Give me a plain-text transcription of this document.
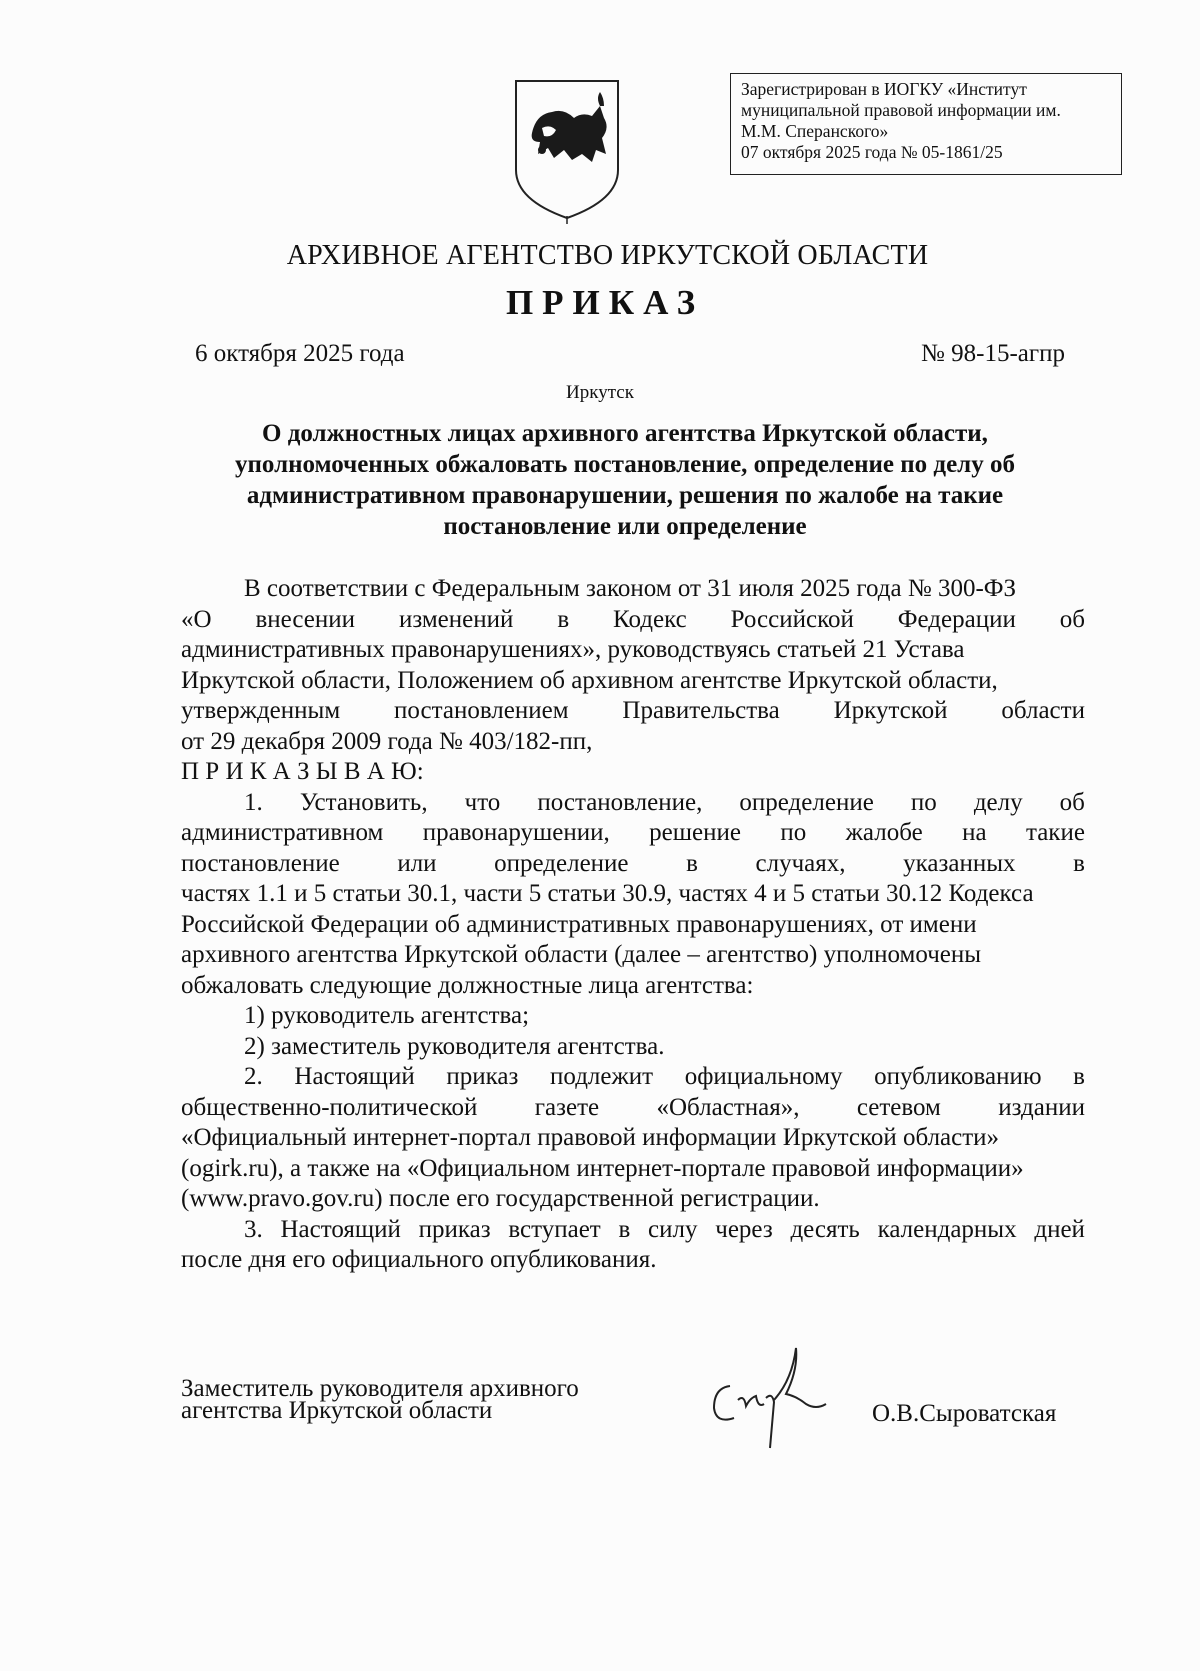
Зарегистрирован в ИОГКУ «Институт
муниципальной правовой информации им.
М.М. Сперанского»
07 октября 2025 года № 05-1861/25
АРХИВНОЕ АГЕНТСТВО ИРКУТСКОЙ ОБЛАСТИ
ПРИКАЗ
6 октября 2025 года	№ 98-15-агпр
Иркутск
О должностных лицах архивного агентства Иркутской области,
уполномоченных обжаловать постановление, определение по делу об
административном правонарушении, решения по жалобе на такие
постановление или определение
В соответствии с Федеральным законом от 31 июля 2025 года № 300-ФЗ
«О внесении изменений в Кодекс Российской Федерации об
административных правонарушениях», руководствуясь статьей 21 Устава
Иркутской области, Положением об архивном агентстве Иркутской области,
утвержденным постановлением Правительства Иркутской области
от 29 декабря 2009 года № 403/182-пп,
П Р И К А З Ы В А Ю:
1. Установить, что постановление, определение по делу об
административном правонарушении, решение по жалобе на такие
постановление или определение в случаях, указанных в
частях 1.1 и 5 статьи 30.1, части 5 статьи 30.9, частях 4 и 5 статьи 30.12 Кодекса
Российской Федерации об административных правонарушениях, от имени
архивного агентства Иркутской области (далее – агентство) уполномочены
обжаловать следующие должностные лица агентства:
1) руководитель агентства;
2) заместитель руководителя агентства.
2. Настоящий приказ подлежит официальному опубликованию в
общественно-политической газете «Областная», сетевом издании
«Официальный интернет-портал правовой информации Иркутской области»
(ogirk.ru), а также на «Официальном интернет-портале правовой информации»
(www.pravo.gov.ru) после его государственной регистрации.
3. Настоящий приказ вступает в силу через десять календарных дней
после дня его официального опубликования.
Заместитель руководителя архивного
агентства Иркутской области	О.В.Сыроватская
